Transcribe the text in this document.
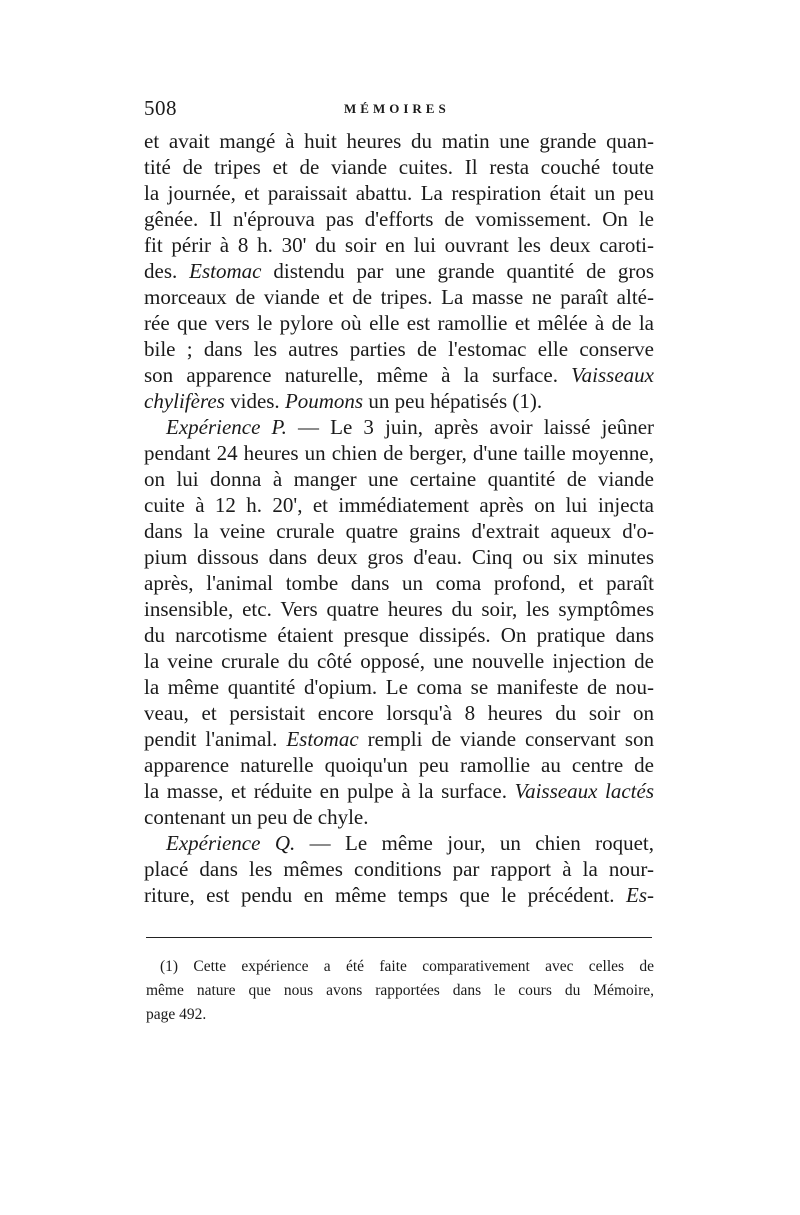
508	MÉMOIRES
et avait mangé à huit heures du matin une grande quan-
tité de tripes et de viande cuites. Il resta couché toute
la journée, et paraissait abattu. La respiration était un peu
gênée. Il n'éprouva pas d'efforts de vomissement. On le
fit périr à 8 h. 30' du soir en lui ouvrant les deux caroti-
des. Estomac distendu par une grande quantité de gros
morceaux de viande et de tripes. La masse ne paraît alté-
rée que vers le pylore où elle est ramollie et mêlée à de la
bile ; dans les autres parties de l'estomac elle conserve
son apparence naturelle, même à la surface. Vaisseaux
chylifères vides. Poumons un peu hépatisés (1).
Expérience P. — Le 3 juin, après avoir laissé jeûner
pendant 24 heures un chien de berger, d'une taille moyenne,
on lui donna à manger une certaine quantité de viande
cuite à 12 h. 20', et immédiatement après on lui injecta
dans la veine crurale quatre grains d'extrait aqueux d'o-
pium dissous dans deux gros d'eau. Cinq ou six minutes
après, l'animal tombe dans un coma profond, et paraît
insensible, etc. Vers quatre heures du soir, les symptômes
du narcotisme étaient presque dissipés. On pratique dans
la veine crurale du côté opposé, une nouvelle injection de
la même quantité d'opium. Le coma se manifeste de nou-
veau, et persistait encore lorsqu'à 8 heures du soir on
pendit l'animal. Estomac rempli de viande conservant son
apparence naturelle quoiqu'un peu ramollie au centre de
la masse, et réduite en pulpe à la surface. Vaisseaux lactés
contenant un peu de chyle.
Expérience Q. — Le même jour, un chien roquet,
placé dans les mêmes conditions par rapport à la nour-
riture, est pendu en même temps que le précédent. Es-
(1) Cette expérience a été faite comparativement avec celles de
même nature que nous avons rapportées dans le cours du Mémoire,
page 492.
